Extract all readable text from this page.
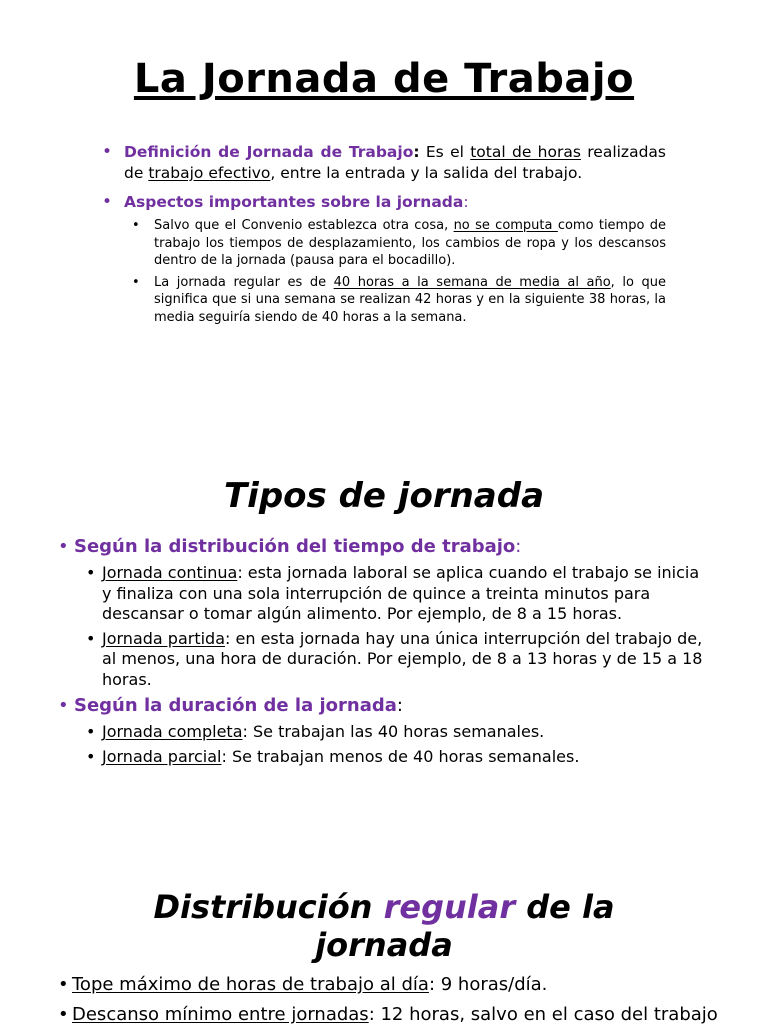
La Jornada de Trabajo
• Definición de Jornada de Trabajo: Es el total de horas realizadas de trabajo efectivo, entre la entrada y la salida del trabajo.
• Aspectos importantes sobre la jornada:
• Salvo que el Convenio establezca otra cosa, no se computa como tiempo de trabajo los tiempos de desplazamiento, los cambios de ropa y los descansos dentro de la jornada (pausa para el bocadillo).
• La jornada regular es de 40 horas a la semana de media al año, lo que significa que si una semana se realizan 42 horas y en la siguiente 38 horas, la media seguiría siendo de 40 horas a la semana.
Tipos de jornada
• Según la distribución del tiempo de trabajo:
• Jornada continua: esta jornada laboral se aplica cuando el trabajo se inicia y finaliza con una sola interrupción de quince a treinta minutos para descansar o tomar algún alimento. Por ejemplo, de 8 a 15 horas.
• Jornada partida: en esta jornada hay una única interrupción del trabajo de, al menos, una hora de duración. Por ejemplo, de 8 a 13 horas y de 15 a 18 horas.
• Según la duración de la jornada:
• Jornada completa: Se trabajan las 40 horas semanales.
• Jornada parcial: Se trabajan menos de 40 horas semanales.
Distribución regular de la jornada
• Tope máximo de horas de trabajo al día: 9 horas/día.
• Descanso mínimo entre jornadas: 12 horas, salvo en el caso del trabajo
